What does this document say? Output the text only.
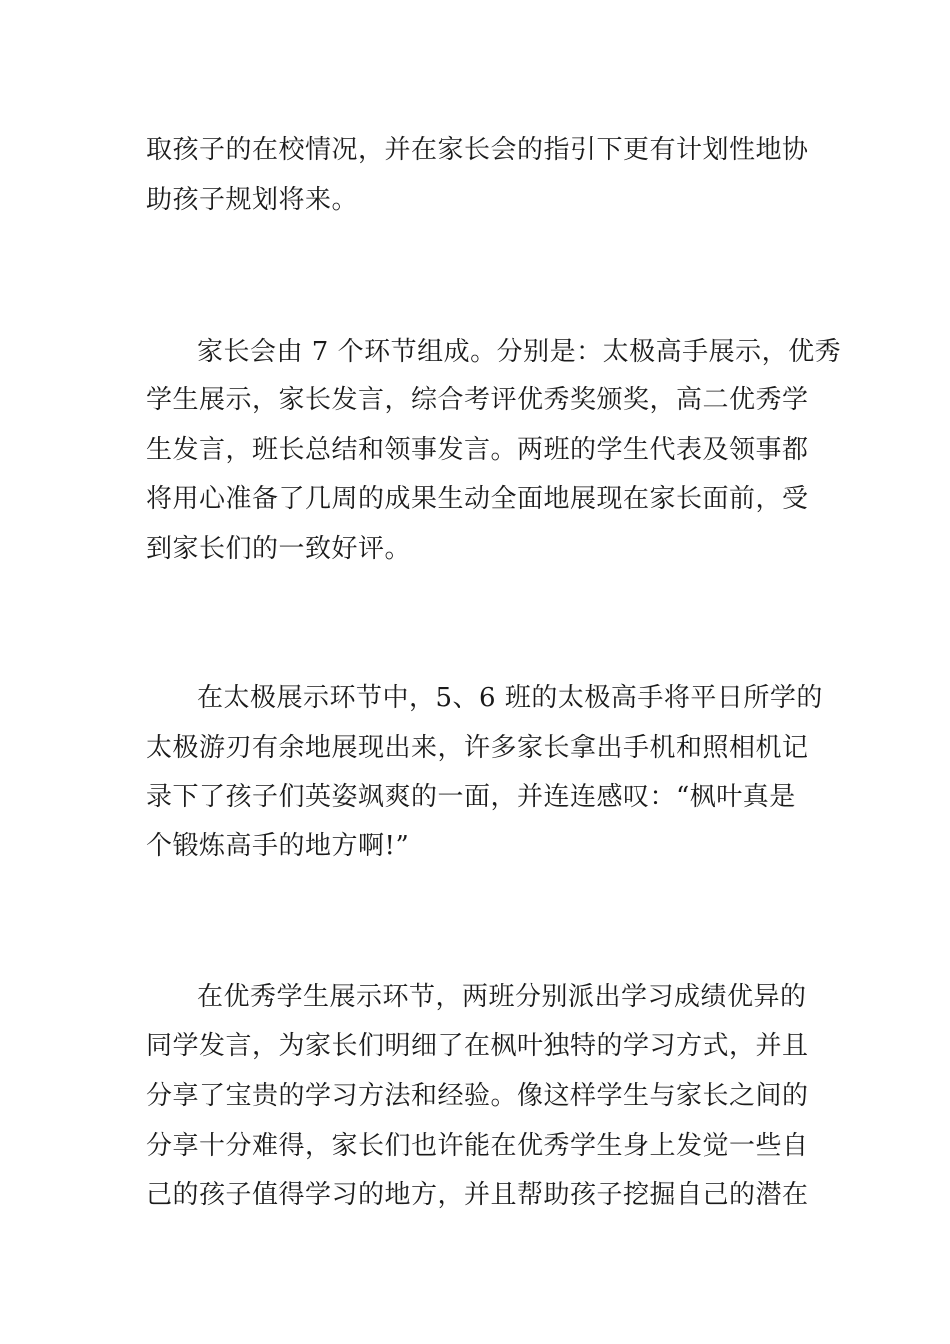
取孩子的在校情况，并在家长会的指引下更有计划性地协
助孩子规划将来。
家长会由 7 个环节组成。分别是：太极高手展示，优秀
学生展示，家长发言，综合考评优秀奖颁奖，高二优秀学
生发言，班长总结和领事发言。两班的学生代表及领事都
将用心准备了几周的成果生动全面地展现在家长面前，受
到家长们的一致好评。
在太极展示环节中，5、6 班的太极高手将平日所学的
太极游刃有余地展现出来，许多家长拿出手机和照相机记
录下了孩子们英姿飒爽的一面，并连连感叹：“枫叶真是
个锻炼高手的地方啊!”
在优秀学生展示环节，两班分别派出学习成绩优异的
同学发言，为家长们明细了在枫叶独特的学习方式，并且
分享了宝贵的学习方法和经验。像这样学生与家长之间的
分享十分难得，家长们也许能在优秀学生身上发觉一些自
己的孩子值得学习的地方，并且帮助孩子挖掘自己的潜在
